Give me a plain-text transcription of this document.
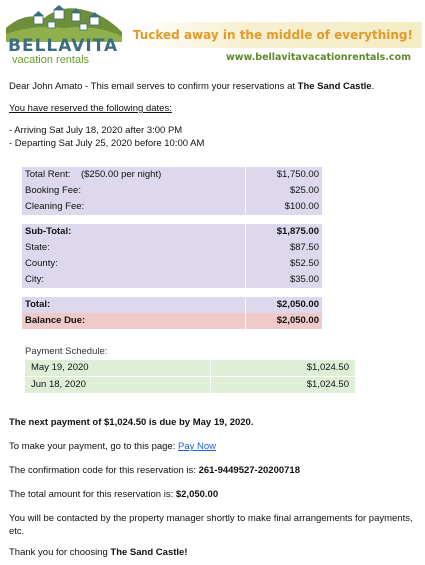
BELLAVITA
vacation rentals
Tucked away in the middle of everything!
www.bellavitavacationrentals.com
Dear John Amato - This email serves to confirm your reservations at The Sand Castle.
You have reserved the following dates:
- Arriving Sat July 18, 2020 after 3:00 PM
- Departing Sat July 25, 2020 before 10:00 AM
Total Rent:    ($250.00 per night)	$1,750.00
Booking Fee:	$25.00
Cleaning Fee:	$100.00

Sub-Total:	$1,875.00
State:	$87.50
County:	$52.50
City:	$35.00

Total:	$2,050.00
Balance Due:	$2,050.00
Payment Schedule:
May 19, 2020	$1,024.50
Jun 18, 2020	$1,024.50
The next payment of $1,024.50 is due by May 19, 2020.
To make your payment, go to this page: Pay Now
The confirmation code for this reservation is: 261-9449527-20200718
The total amount for this reservation is: $2,050.00
You will be contacted by the property manager shortly to make final arrangements for payments,
etc.
Thank you for choosing The Sand Castle!
